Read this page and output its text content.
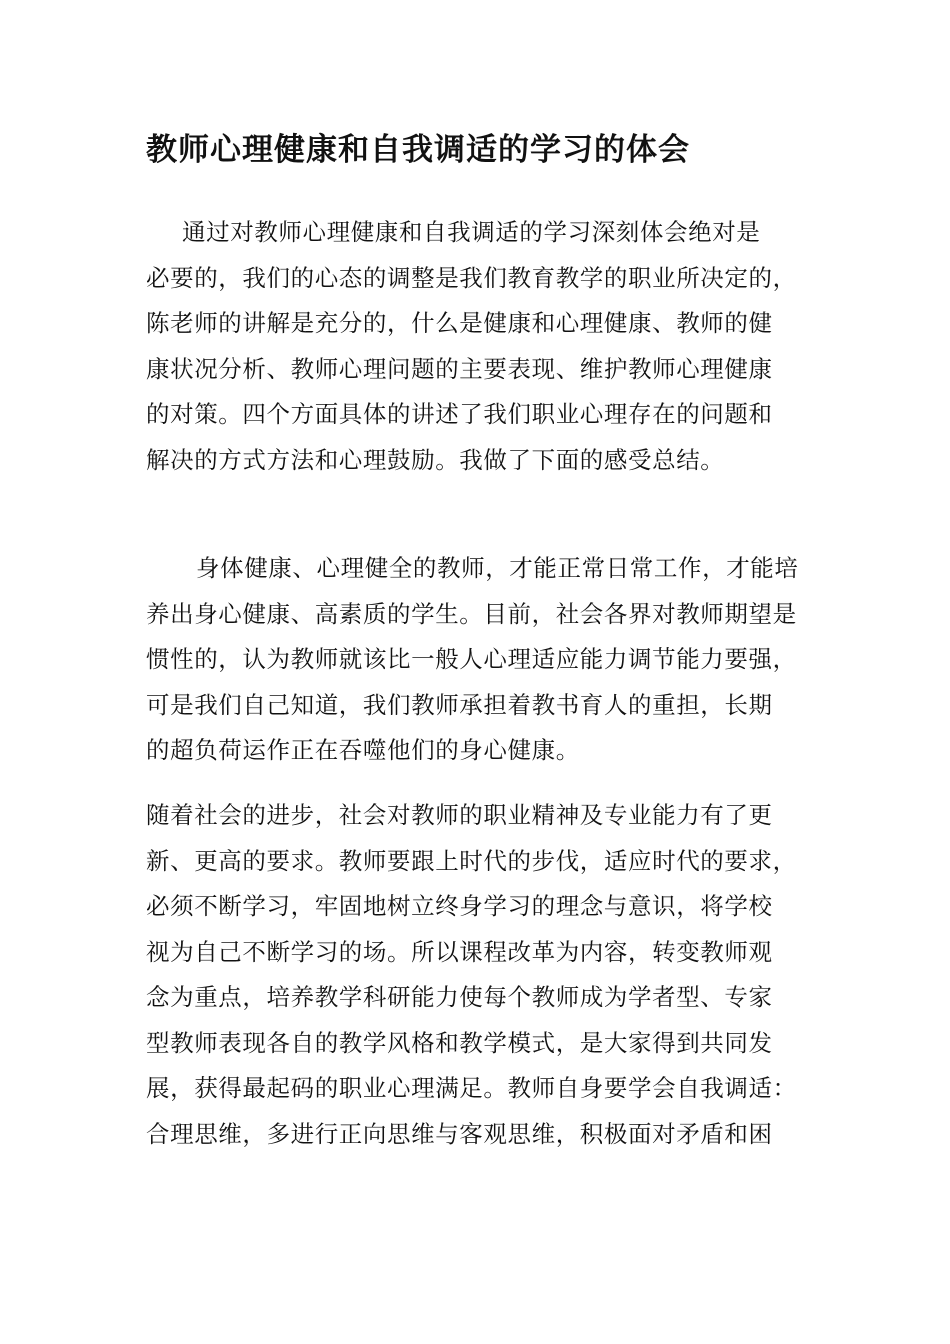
教师心理健康和自我调适的学习的体会
通过对教师心理健康和自我调适的学习深刻体会绝对是
必要的，我们的心态的调整是我们教育教学的职业所决定的，
陈老师的讲解是充分的，什么是健康和心理健康、教师的健
康状况分析、教师心理问题的主要表现、维护教师心理健康
的对策。四个方面具体的讲述了我们职业心理存在的问题和
解决的方式方法和心理鼓励。我做了下面的感受总结。
身体健康、心理健全的教师，才能正常日常工作，才能培
养出身心健康、高素质的学生。目前，社会各界对教师期望是
惯性的，认为教师就该比一般人心理适应能力调节能力要强，
可是我们自己知道，我们教师承担着教书育人的重担，长期
的超负荷运作正在吞噬他们的身心健康。
随着社会的进步，社会对教师的职业精神及专业能力有了更
新、更高的要求。教师要跟上时代的步伐，适应时代的要求，
必须不断学习，牢固地树立终身学习的理念与意识，将学校
视为自己不断学习的场。所以课程改革为内容，转变教师观
念为重点，培养教学科研能力使每个教师成为学者型、专家
型教师表现各自的教学风格和教学模式，是大家得到共同发
展，获得最起码的职业心理满足。教师自身要学会自我调适：
合理思维，多进行正向思维与客观思维，积极面对矛盾和困
